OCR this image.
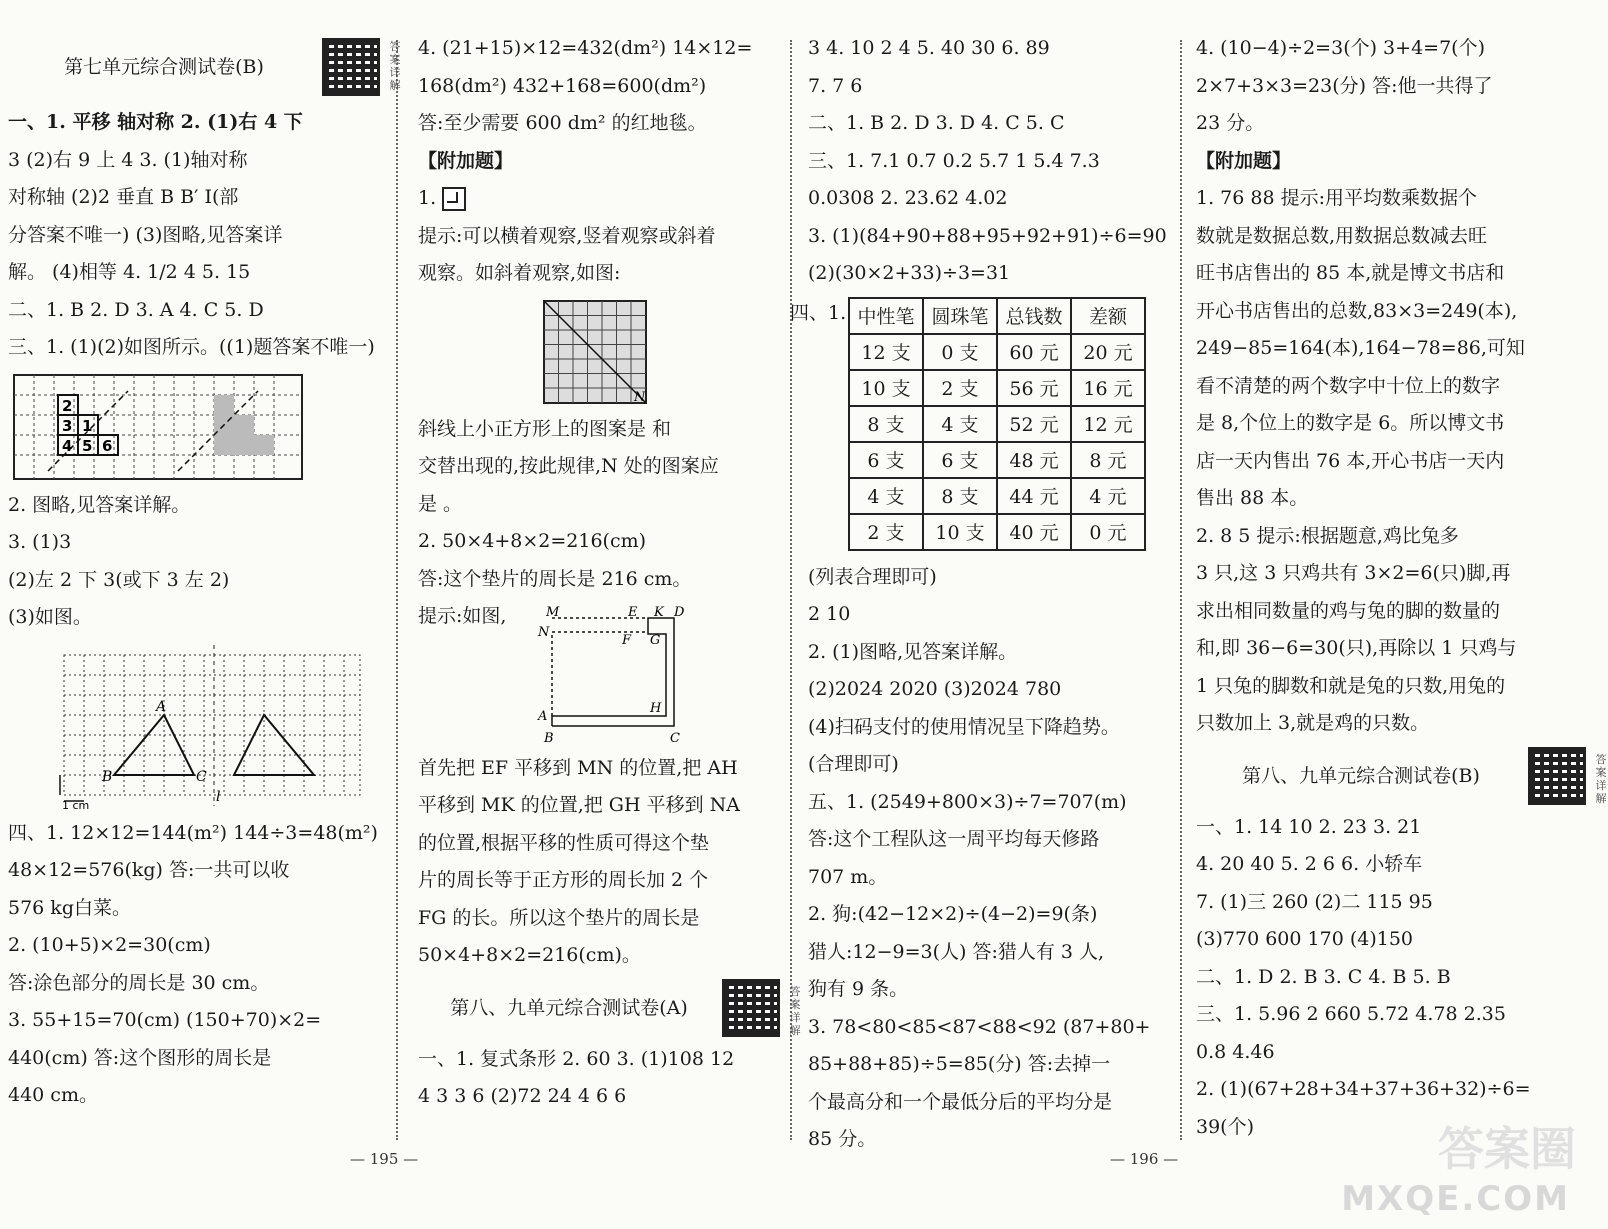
第七单元综合测试卷(B)
答案详解
一、1. 平移 轴对称 2. (1)右 4 下
3 (2)右 9 上 4 3. (1)轴对称
对称轴 (2)2 垂直 B B′ I(部
分答案不唯一) (3)图略,见答案详
解。 (4)相等 4. 1/2 4 5. 15
二、1. B 2. D 3. A 4. C 5. D
三、1. (1)(2)如图所示。((1)题答案不唯一)
2
3 1
4 5 6
2. 图略,见答案详解。
3. (1)3
(2)左 2 下 3(或下 3 左 2)
(3)如图。
A
B	C
l
1 cm
四、1. 12×12=144(m²) 144÷3=48(m²)
48×12=576(kg) 答:一共可以收
576 kg白菜。
2. (10+5)×2=30(cm)
答:涂色部分的周长是 30 cm。
3. 55+15=70(cm) (150+70)×2=
440(cm) 答:这个图形的周长是
440 cm。
4. (21+15)×12=432(dm²) 14×12=
168(dm²) 432+168=600(dm²)
答:至少需要 600 dm² 的红地毯。
【附加题】
1.
提示:可以横着观察,竖着观察或斜着
观察。如斜着观察,如图:
N
斜线上小正方形上的图案是 和
交替出现的,按此规律,N 处的图案应
是 。
2. 50×4+8×2=216(cm)
答:这个垫片的周长是 216 cm。
提示:如图,	M	E K D
N
F G
H
A
B	C
首先把 EF 平移到 MN 的位置,把 AH
平移到 MK 的位置,把 GH 平移到 NA
的位置,根据平移的性质可得这个垫
片的周长等于正方形的周长加 2 个
FG 的长。所以这个垫片的周长是
50×4+8×2=216(cm)。
第八、九单元综合测试卷(A)
答案详解
一、1. 复式条形 2. 60 3. (1)108 12
4 3 3 6 (2)72 24 4 6 6
3 4. 10 2 4 5. 40 30 6. 89
7. 7 6
二、1. B 2. D 3. D 4. C 5. C
三、1. 7.1 0.7 0.2 5.7 1 5.4 7.3
0.0308 2. 23.62 4.02
3. (1)(84+90+88+95+92+91)÷6=90
(2)(30×2+33)÷3=31
四、1. 中性笔	圆珠笔	总钱数	差额
12 支	0 支	60 元	20 元
10 支	2 支	56 元	16 元
8 支	4 支	52 元	12 元
6 支	6 支	48 元	8 元
4 支	8 支	44 元	4 元
2 支	10 支	40 元	0 元
(列表合理即可)
2 10
2. (1)图略,见答案详解。
(2)2024 2020 (3)2024 780
(4)扫码支付的使用情况呈下降趋势。
(合理即可)
五、1. (2549+800×3)÷7=707(m)
答:这个工程队这一周平均每天修路
707 m。
2. 狗:(42−12×2)÷(4−2)=9(条)
猎人:12−9=3(人) 答:猎人有 3 人,
狗有 9 条。
3. 78<80<85<87<88<92 (87+80+
85+88+85)÷5=85(分) 答:去掉一
个最高分和一个最低分后的平均分是
85 分。
4. (10−4)÷2=3(个) 3+4=7(个)
2×7+3×3=23(分) 答:他一共得了
23 分。
【附加题】
1. 76 88 提示:用平均数乘数据个
数就是数据总数,用数据总数减去旺
旺书店售出的 85 本,就是博文书店和
开心书店售出的总数,83×3=249(本),
249−85=164(本),164−78=86,可知
看不清楚的两个数字中十位上的数字
是 8,个位上的数字是 6。所以博文书
店一天内售出 76 本,开心书店一天内
售出 88 本。
2. 8 5 提示:根据题意,鸡比兔多
3 只,这 3 只鸡共有 3×2=6(只)脚,再
求出相同数量的鸡与兔的脚的数量的
和,即 36−6=30(只),再除以 1 只鸡与
1 只兔的脚数和就是兔的只数,用兔的
只数加上 3,就是鸡的只数。
第八、九单元综合测试卷(B)
答案详解
一、1. 14 10 2. 23 3. 21
4. 20 40 5. 2 6 6. 小轿车
7. (1)三 260 (2)二 115 95
(3)770 600 170 (4)150
二、1. D 2. B 3. C 4. B 5. B
三、1. 5.96 2 660 5.72 4.78 2.35
0.8 4.46
2. (1)(67+28+34+37+36+32)÷6=
39(个)
— 195 —	— 196 —	答案圈
MXQE.COM
